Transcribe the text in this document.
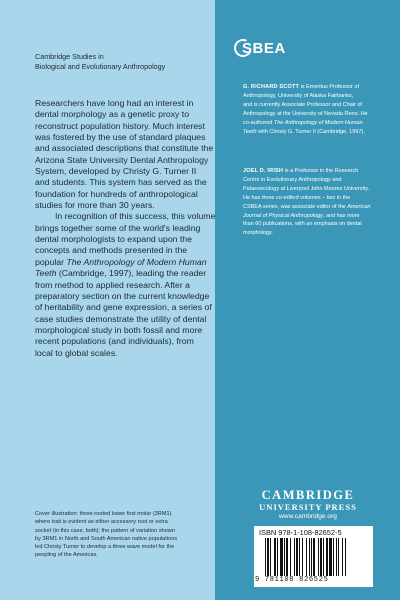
Cambridge Studies in
Biological and Evolutionary Anthropology
Researchers have long had an interest in
dental morphology as a genetic proxy to
reconstruct population history. Much interest
was fostered by the use of standard plaques
and associated descriptions that constitute the
Arizona State University Dental Anthropology
System, developed by Christy G. Turner II
and students. This system has served as the
foundation for hundreds of anthropological
studies for more than 30 years.
In recognition of this success, this volume
brings together some of the world's leading
dental morphologists to expand upon the
concepts and methods presented in the
popular The Anthropology of Modern Human
Teeth (Cambridge, 1997), leading the reader
from method to applied research. After a
preparatory section on the current knowledge
of heritability and gene expression, a series of
case studies demonstrate the utility of dental
morphological study in both fossil and more
recent populations (and individuals), from
local to global scales.
Cover illustration: three-rooted lower first molar (3RM1)
where trait is evident as either accessory root or extra
socket (in this case, both); the pattern of variation shown
by 3RM1 in North and South American native populations
led Christy Turner to develop a three wave model for the
peopling of the Americas.
SBEA
G. RICHARD SCOTT is Emeritus Professor of
Anthropology, University of Alaska Fairbanks,
and is currently Associate Professor and Chair of
Anthropology at the University of Nevada Reno. He
co-authored The Anthropology of Modern Human
Teeth with Christy G. Turner II (Cambridge, 1997).
JOEL D. IRISH is a Professor in the Research
Centre in Evolutionary Anthropology and
Palaeoecology at Liverpool John Moores University.
He has three co-edited volumes – two in the
CSBEA series, was associate editor of the American
Journal of Physical Anthropology, and has more
than 60 publications, with an emphasis on dental
morphology.
CAMBRIDGE
UNIVERSITY PRESS
www.cambridge.org
ISBN 978-1-108-82652-5
9 781108 826525
